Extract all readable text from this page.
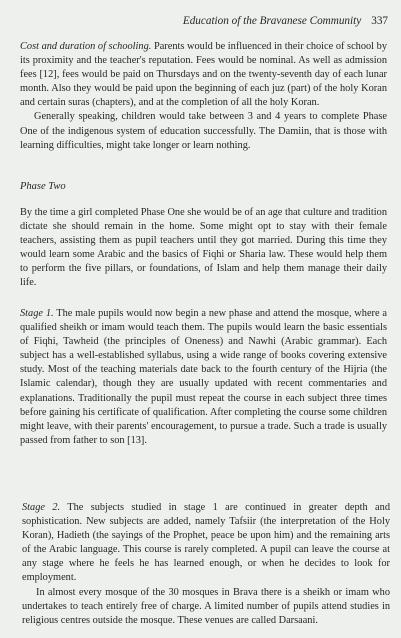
Education of the Bravanese Community 337

Cost and duration of schooling. Parents would be influenced in their choice of school by its proximity and the teacher's reputation. Fees would be nominal. As well as admission fees [12], fees would be paid on Thursdays and on the twenty-seventh day of each lunar month. Also they would be paid upon the beginning of each juz (part) of the holy Koran and certain suras (chapters), and at the completion of all the holy Koran.

Generally speaking, children would take between 3 and 4 years to complete Phase One of the indigenous system of education successfully. The Damiin, that is those with learning difficulties, might take longer or learn nothing.

Phase Two

By the time a girl completed Phase One she would be of an age that culture and tradition dictate she should remain in the home. Some might opt to stay with their female teachers, assisting them as pupil teachers until they got married. During this time they would learn some Arabic and the basics of Fiqhi or Sharia law. These would help them to perform the five pillars, or foundations, of Islam and help them manage their daily life.

Stage 1. The male pupils would now begin a new phase and attend the mosque, where a qualified sheikh or imam would teach them. The pupils would learn the basic essentials of Fiqhi, Tawheid (the principles of Oneness) and Nawhi (Arabic grammar). Each subject has a well-established syllabus, using a wide range of books covering extensive study. Most of the teaching materials date back to the fourth century of the Hijria (the Islamic calendar), though they are usually updated with recent commentaries and explanations. Traditionally the pupil must repeat the course in each subject three times before gaining his certificate of qualification. After completing the course some children might leave, with their parents' encouragement, to pursue a trade. Such a trade is usually passed from father to son [13].

Stage 2. The subjects studied in stage 1 are continued in greater depth and sophistication. New subjects are added, namely Tafsiir (the interpretation of the Holy Koran), Hadieth (the sayings of the Prophet, peace be upon him) and the remaining arts of the Arabic language. This course is rarely completed. A pupil can leave the course at any stage where he feels he has learned enough, or when he decides to look for employment.

In almost every mosque of the 30 mosques in Brava there is a sheikh or imam who undertakes to teach entirely free of charge. A limited number of pupils attend studies in religious centres outside the mosque. These venues are called Darsaani.
